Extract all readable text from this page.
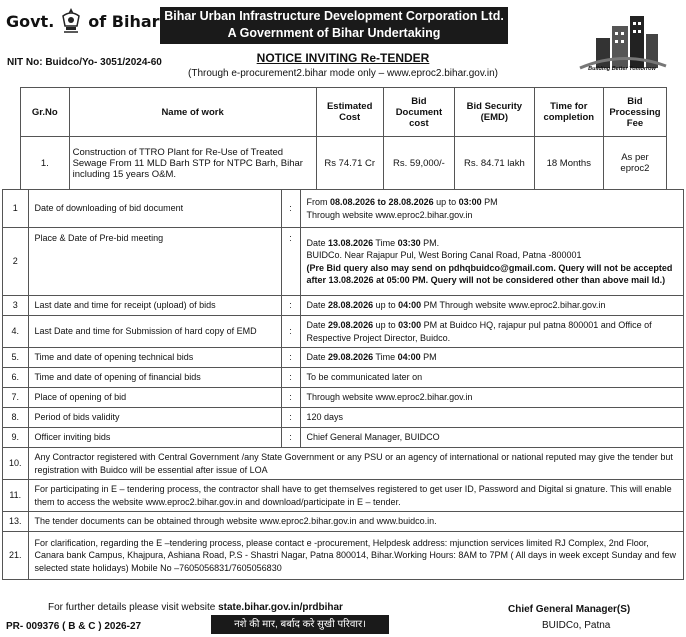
Govt. of Bihar Bihar Urban Infrastructure Development Corporation Ltd.
A Government of Bihar Undertaking
Building Better Tomorrow
NOTICE INVITING Re-TENDER
NIT No: Buidco/Yo- 3051/2024-60
(Through e-procurement2.bihar mode only – www.eproc2.bihar.gov.in)
Gr.No	Name of work	Estimated Cost	Bid Document cost	Bid Security (EMD)	Time for completion	Bid Processing Fee
1.	Construction of TTRO Plant for Re-Use of Treated Sewage From 11 MLD Barh STP for NTPC Barh, Bihar including 15 years O&M.	Rs 74.71 Cr	Rs. 59,000/-	Rs. 84.71 lakh	18 Months	As per eproc2
1	Date of downloading of bid document	:	From 08.08.2026 to 28.08.2026 up to 03:00 PM
Through website www.eproc2.bihar.gov.in

2	Place & Date of Pre-bid meeting	:	Date 13.08.2026 Time 03:30 PM.
BUIDCo. Near Rajapur Pul, West Boring Canal Road, Patna -800001
(Pre Bid query also may send on pdhqbuidco@gmail.com. Query will not be accepted after 13.08.2026 at 05:00 PM. Query will not be considered other than above mail Id.)

3	Last date and time for receipt (upload) of bids	:	Date 28.08.2026 up to 04:00 PM Through website www.eproc2.bihar.gov.in
4.	Last Date and time for Submission of hard copy of EMD	:	Date 29.08.2026 up to 03:00 PM at Buidco HQ, rajapur pul patna 800001 and Office of Respective Project Director, Buidco.
5.	Time and date of opening technical bids	:	Date 29.08.2026 Time 04:00 PM
6.	Time and date of opening of financial bids	:	To be communicated later on
7.	Place of opening of bid	:	Through website www.eproc2.bihar.gov.in
8.	Period of bids validity	:	120 days
9.	Officer inviting bids	:	Chief General Manager, BUIDCO
10.	Any Contractor registered with Central Government /any State Government or any PSU or an agency of international or national reputed may give the tender but registration with Buidco will be essential after issue of LOA		
11.	For participating in E – tendering process, the contractor shall have to get themselves registered to get user ID, Password and Digital si gnature. This will enable them to access the website www.eproc2.bihar.gov.in and download/participate in E – tender.		
13.	The tender documents can be obtained through website www.eproc2.bihar.gov.in and www.buidco.in.		
21.	For clarification, regarding the E –tendering process, please contact e -procurement, Helpdesk address: mjunction services limited RJ Complex, 2nd Floor, Canara bank Campus, Khajpura, Ashiana Road, P.S - Shastri Nagar, Patna 800014, Bihar.Working Hours: 8AM to 7PM ( All days in week except Sunday and few selected state holidays) Mobile No –7605056831/7605056830		
For further details please visit website state.bihar.gov.in/prdbihar
PR- 009376 ( B & C ) 2026-27	नशे की मार, बर्बाद करे सुखी परिवार।
Chief General Manager(S)
BUIDCo, Patna
